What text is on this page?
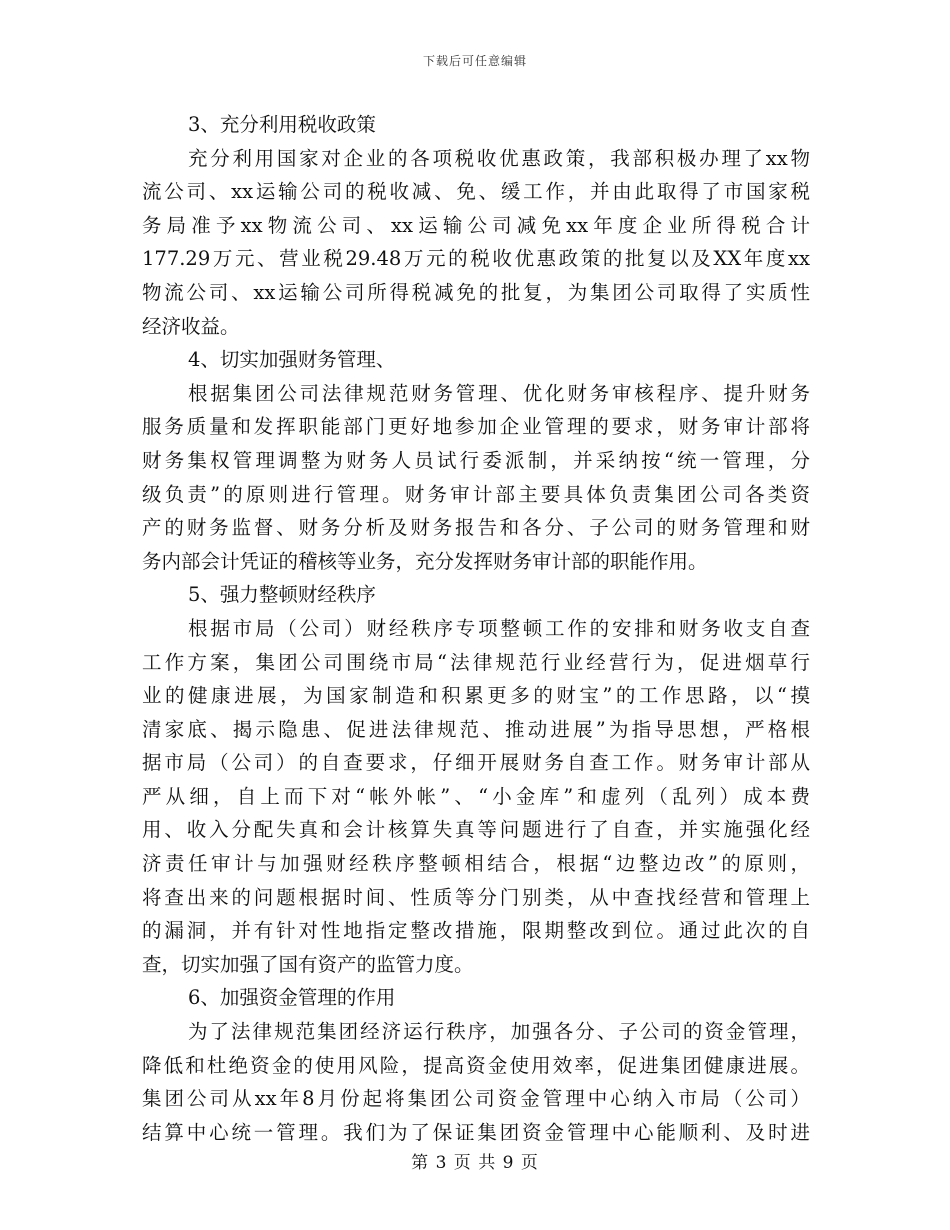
下载后可任意编辑
3、充分利用税收政策
充分利用国家对企业的各项税收优惠政策，我部积极办理了xx物
流公司、xx运输公司的税收减、免、缓工作，并由此取得了市国家税
务局准予xx物流公司、xx运输公司减免xx年度企业所得税合计
177.29万元、营业税29.48万元的税收优惠政策的批复以及XX年度xx
物流公司、xx运输公司所得税减免的批复，为集团公司取得了实质性
经济收益。
4、切实加强财务管理、
根据集团公司法律规范财务管理、优化财务审核程序、提升财务
服务质量和发挥职能部门更好地参加企业管理的要求，财务审计部将
财务集权管理调整为财务人员试行委派制，并采纳按“统一管理，分
级负责”的原则进行管理。财务审计部主要具体负责集团公司各类资
产的财务监督、财务分析及财务报告和各分、子公司的财务管理和财
务内部会计凭证的稽核等业务，充分发挥财务审计部的职能作用。
5、强力整顿财经秩序
根据市局（公司）财经秩序专项整顿工作的安排和财务收支自查
工作方案，集团公司围绕市局“法律规范行业经营行为，促进烟草行
业的健康进展，为国家制造和积累更多的财宝”的工作思路，以“摸
清家底、揭示隐患、促进法律规范、推动进展”为指导思想，严格根
据市局（公司）的自查要求，仔细开展财务自查工作。财务审计部从
严从细，自上而下对“帐外帐”、“小金库”和虚列（乱列）成本费
用、收入分配失真和会计核算失真等问题进行了自查，并实施强化经
济责任审计与加强财经秩序整顿相结合，根据“边整边改”的原则，
将查出来的问题根据时间、性质等分门别类，从中查找经营和管理上
的漏洞，并有针对性地指定整改措施，限期整改到位。通过此次的自
查，切实加强了国有资产的监管力度。
6、加强资金管理的作用
为了法律规范集团经济运行秩序，加强各分、子公司的资金管理，
降低和杜绝资金的使用风险，提高资金使用效率，促进集团健康进展。
集团公司从xx年8月份起将集团公司资金管理中心纳入市局（公司）
结算中心统一管理。我们为了保证集团资金管理中心能顺利、及时进
第 3 页 共 9 页
